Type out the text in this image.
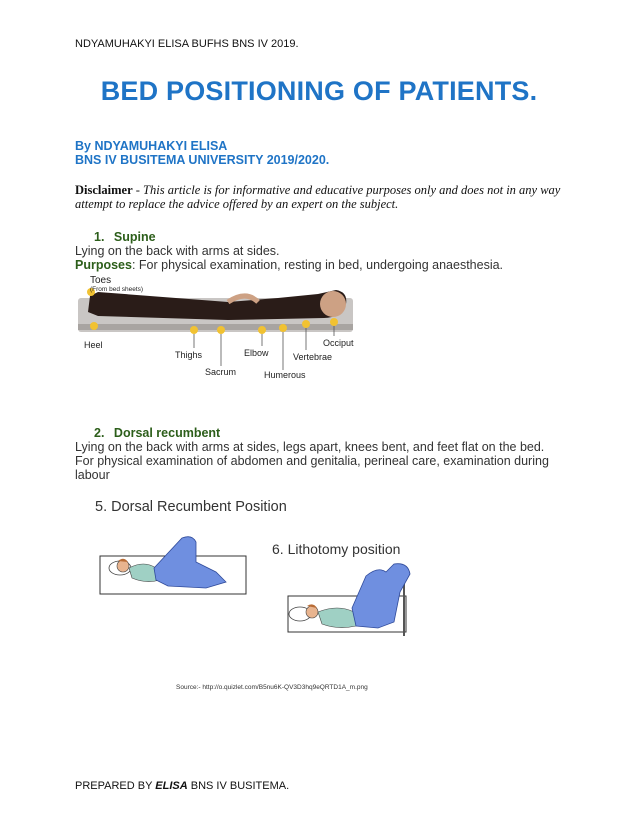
NDYAMUHAKYI ELISA BUFHS BNS IV 2019.
BED POSITIONING OF PATIENTS.
By NDYAMUHAKYI ELISA
BNS IV BUSITEMA UNIVERSITY 2019/2020.
Disclaimer - This article is for informative and educative purposes only and does not in any way attempt to replace the advice offered by an expert on the subject.
1. Supine
Lying on the back with arms at sides.
Purposes: For physical examination, resting in bed, undergoing anaesthesia.
Toes
(From bed sheets)
Heel
Thighs
Sacrum
Elbow
Humerous
Vertebrae
Occiput
2. Dorsal recumbent
Lying on the back with arms at sides, legs apart, knees bent, and feet flat on the bed. For physical examination of abdomen and genitalia, perineal care, examination during labour
5. Dorsal Recumbent Position
6. Lithotomy position
Source:- http://o.quizlet.com/B5nu6K-QV3D3hq9eQRTD1A_m.png
PREPARED BY ELISA BNS IV BUSITEMA.
